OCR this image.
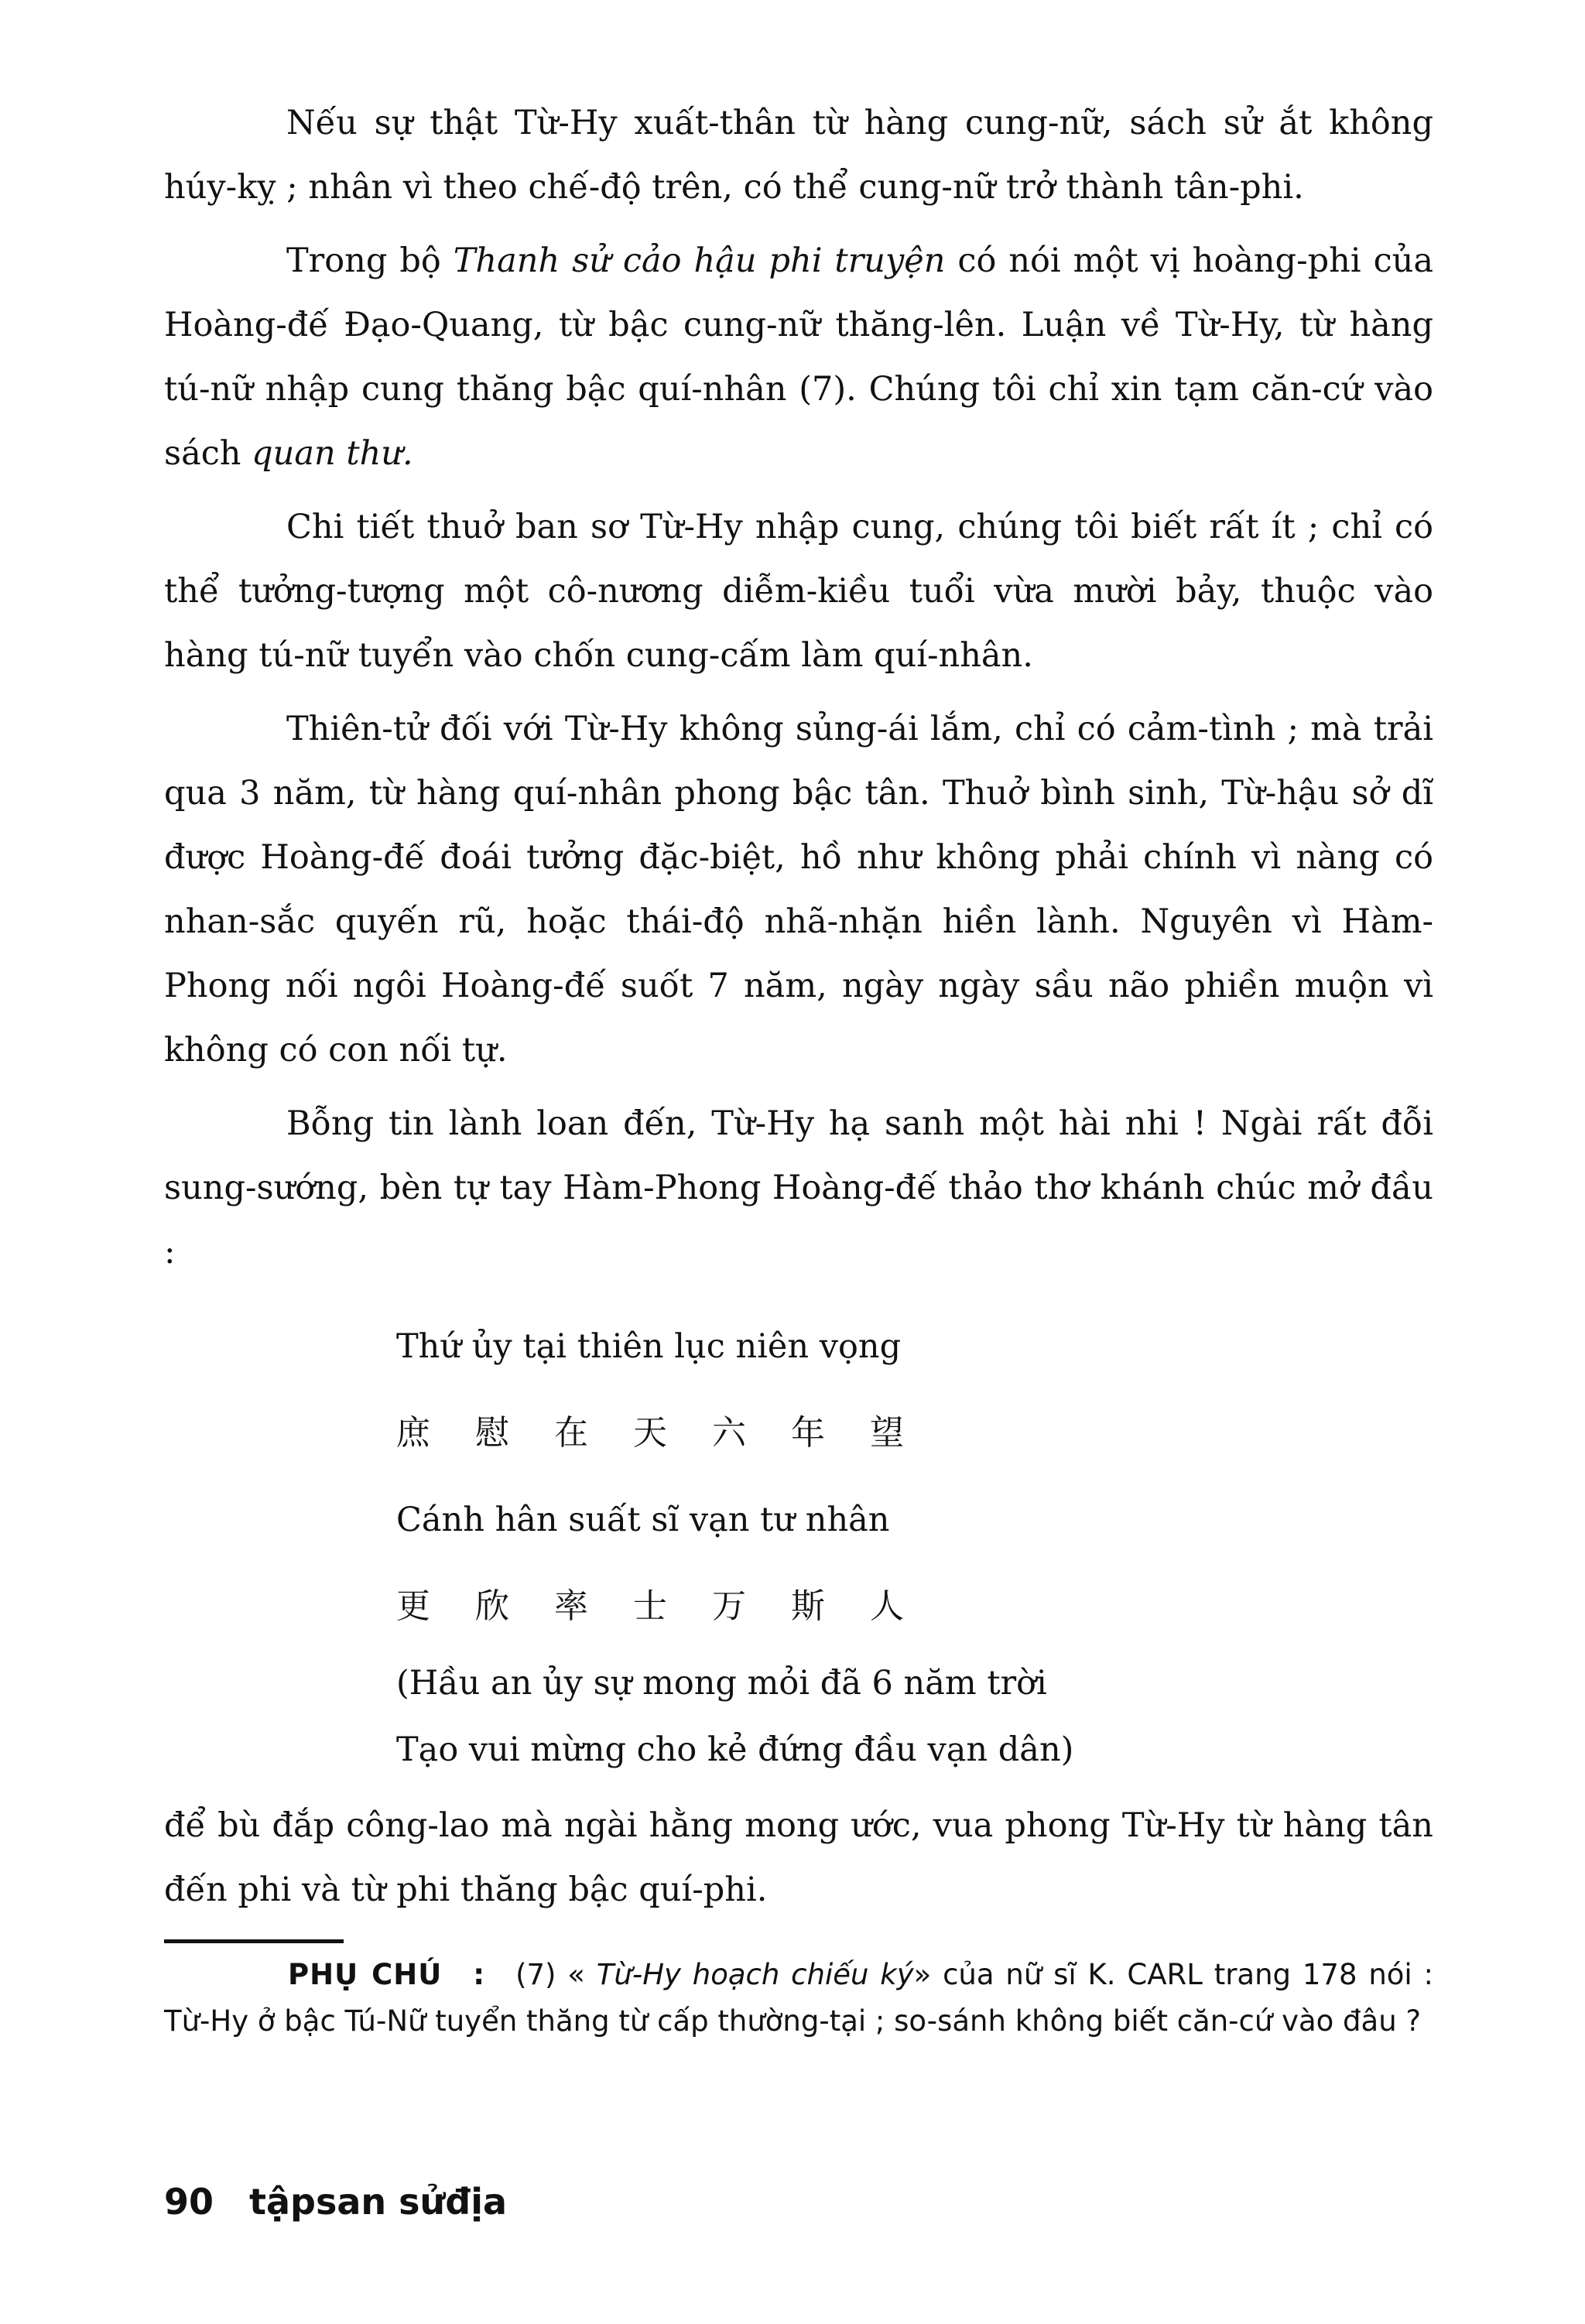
Nếu sự thật Từ-Hy xuất-thân từ hàng cung-nữ, sách sử ắt không húy-kỵ ; nhân vì theo chế-độ trên, có thể cung-nữ trở thành tân-phi.

Trong bộ Thanh sử cảo hậu phi truyện có nói một vị hoàng-phi của Hoàng-đế Đạo-Quang, từ bậc cung-nữ thăng-lên. Luận về Từ-Hy, từ hàng tú-nữ nhập cung thăng bậc quí-nhân (7). Chúng tôi chỉ xin tạm căn-cứ vào sách quan thư.

Chi tiết thuở ban sơ Từ-Hy nhập cung, chúng tôi biết rất ít ; chỉ có thể tưởng-tượng một cô-nương diễm-kiều tuổi vừa mười bảy, thuộc vào hàng tú-nữ tuyển vào chốn cung-cấm làm quí-nhân.

Thiên-tử đối với Từ-Hy không sủng-ái lắm, chỉ có cảm-tình ; mà trải qua 3 năm, từ hàng quí-nhân phong bậc tân. Thuở bình sinh, Từ-hậu sở dĩ được Hoàng-đế đoái tưởng đặc-biệt, hồ như không phải chính vì nàng có nhan-sắc quyến rũ, hoặc thái-độ nhã-nhặn hiền lành. Nguyên vì Hàm-Phong nối ngôi Hoàng-đế suốt 7 năm, ngày ngày sầu não phiền muộn vì không có con nối tự.

Bỗng tin lành loan đến, Từ-Hy hạ sanh một hài nhi ! Ngài rất đỗi sung-sướng, bèn tự tay Hàm-Phong Hoàng-đế thảo thơ khánh chúc mở đầu :

Thứ ủy tại thiên lục niên vọng
庶慰在天六年望
Cánh hân suất sĩ vạn tư nhân
更欣率士万斯人
(Hầu an ủy sự mong mỏi đã 6 năm trời
Tạo vui mừng cho kẻ đứng đầu vạn dân)

để bù đắp công-lao mà ngài hằng mong ước, vua phong Từ-Hy từ hàng tân đến phi và từ phi thăng bậc quí-phi.

PHỤ CHÚ : (7) « Từ-Hy hoạch chiếu ký» của nữ sĩ K. CARL trang 178 nói : Từ-Hy ở bậc Tú-Nữ tuyển thăng từ cấp thường-tại ; so-sánh không biết căn-cứ vào đâu ?
90 tậpsan sửđịa
